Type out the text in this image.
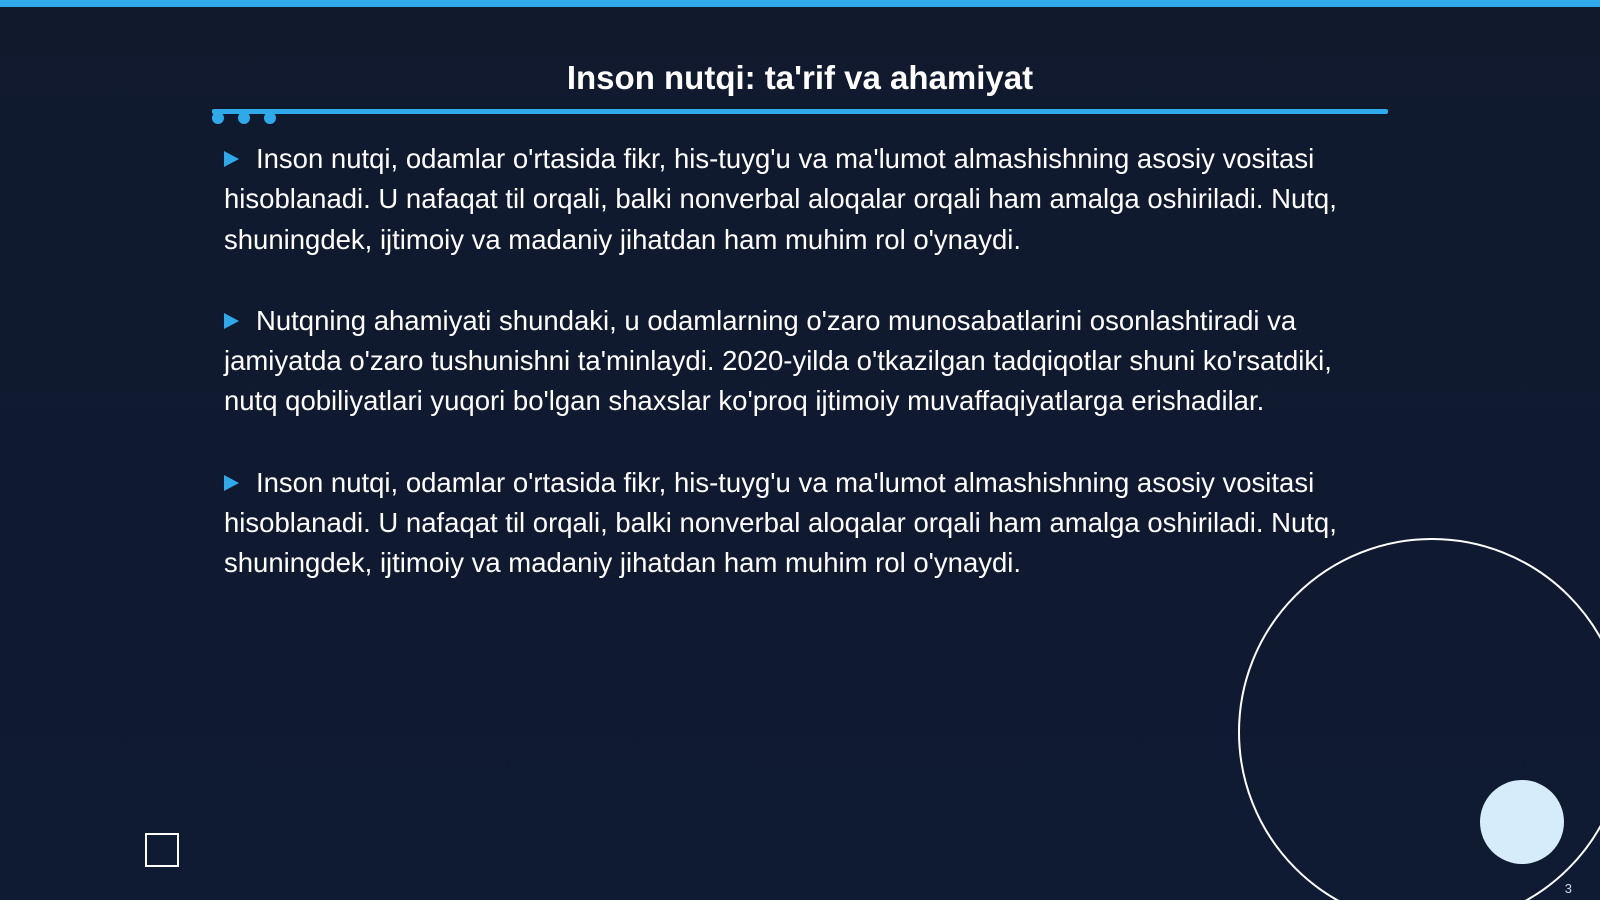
Inson nutqi: ta'rif va ahamiyat

Inson nutqi, odamlar o'rtasida fikr, his-tuyg'u va ma'lumot almashishning asosiy vositasi hisoblanadi. U nafaqat til orqali, balki nonverbal aloqalar orqali ham amalga oshiriladi. Nutq, shuningdek, ijtimoiy va madaniy jihatdan ham muhim rol o'ynaydi.

Nutqning ahamiyati shundaki, u odamlarning o'zaro munosabatlarini osonlashtiradi va jamiyatda o'zaro tushunishni ta'minlaydi. 2020-yilda o'tkazilgan tadqiqotlar shuni ko'rsatdiki, nutq qobiliyatlari yuqori bo'lgan shaxslar ko'proq ijtimoiy muvaffaqiyatlarga erishadilar.

Inson nutqi, odamlar o'rtasida fikr, his-tuyg'u va ma'lumot almashishning asosiy vositasi hisoblanadi. U nafaqat til orqali, balki nonverbal aloqalar orqali ham amalga oshiriladi. Nutq, shuningdek, ijtimoiy va madaniy jihatdan ham muhim rol o'ynaydi.

3
